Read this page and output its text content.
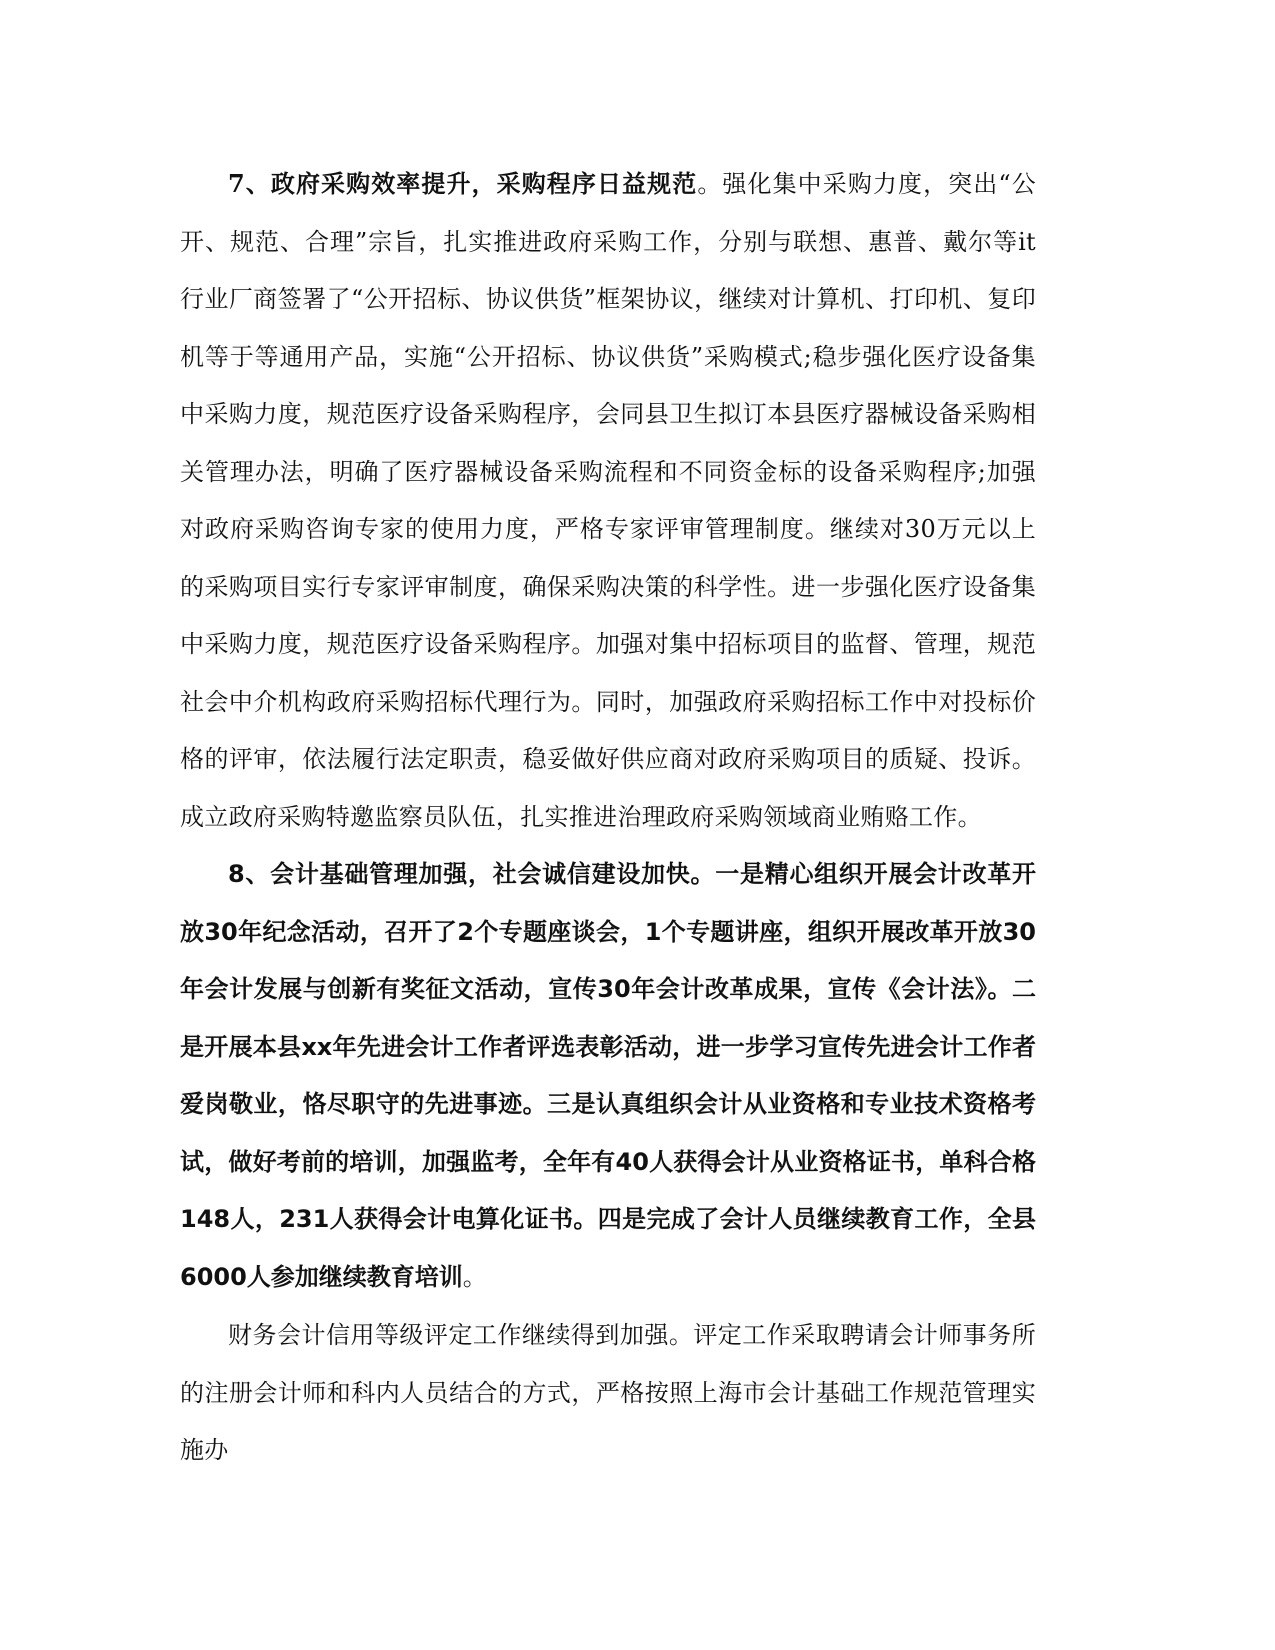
7、政府采购效率提升，采购程序日益规范。强化集中采购力度，突出“公开、规范、合理”宗旨，扎实推进政府采购工作，分别与联想、惠普、戴尔等it行业厂商签署了“公开招标、协议供货”框架协议，继续对计算机、打印机、复印机等于等通用产品，实施“公开招标、协议供货”采购模式;稳步强化医疗设备集中采购力度，规范医疗设备采购程序，会同县卫生拟订本县医疗器械设备采购相关管理办法，明确了医疗器械设备采购流程和不同资金标的设备采购程序;加强对政府采购咨询专家的使用力度，严格专家评审管理制度。继续对30万元以上的采购项目实行专家评审制度，确保采购决策的科学性。进一步强化医疗设备集中采购力度，规范医疗设备采购程序。加强对集中招标项目的监督、管理，规范社会中介机构政府采购招标代理行为。同时，加强政府采购招标工作中对投标价格的评审，依法履行法定职责，稳妥做好供应商对政府采购项目的质疑、投诉。成立政府采购特邀监察员队伍，扎实推进治理政府采购领域商业贿赂工作。

8、会计基础管理加强，社会诚信建设加快。一是精心组织开展会计改革开放30年纪念活动，召开了2个专题座谈会，1个专题讲座，组织开展改革开放30年会计发展与创新有奖征文活动，宣传30年会计改革成果，宣传《会计法》。二是开展本县xx年先进会计工作者评选表彰活动，进一步学习宣传先进会计工作者爱岗敬业，恪尽职守的先进事迹。三是认真组织会计从业资格和专业技术资格考试，做好考前的培训，加强监考，全年有40人获得会计从业资格证书，单科合格148人，231人获得会计电算化证书。四是完成了会计人员继续教育工作，全县6000人参加继续教育培训。

财务会计信用等级评定工作继续得到加强。评定工作采取聘请会计师事务所的注册会计师和科内人员结合的方式，严格按照上海市会计基础工作规范管理实施办
